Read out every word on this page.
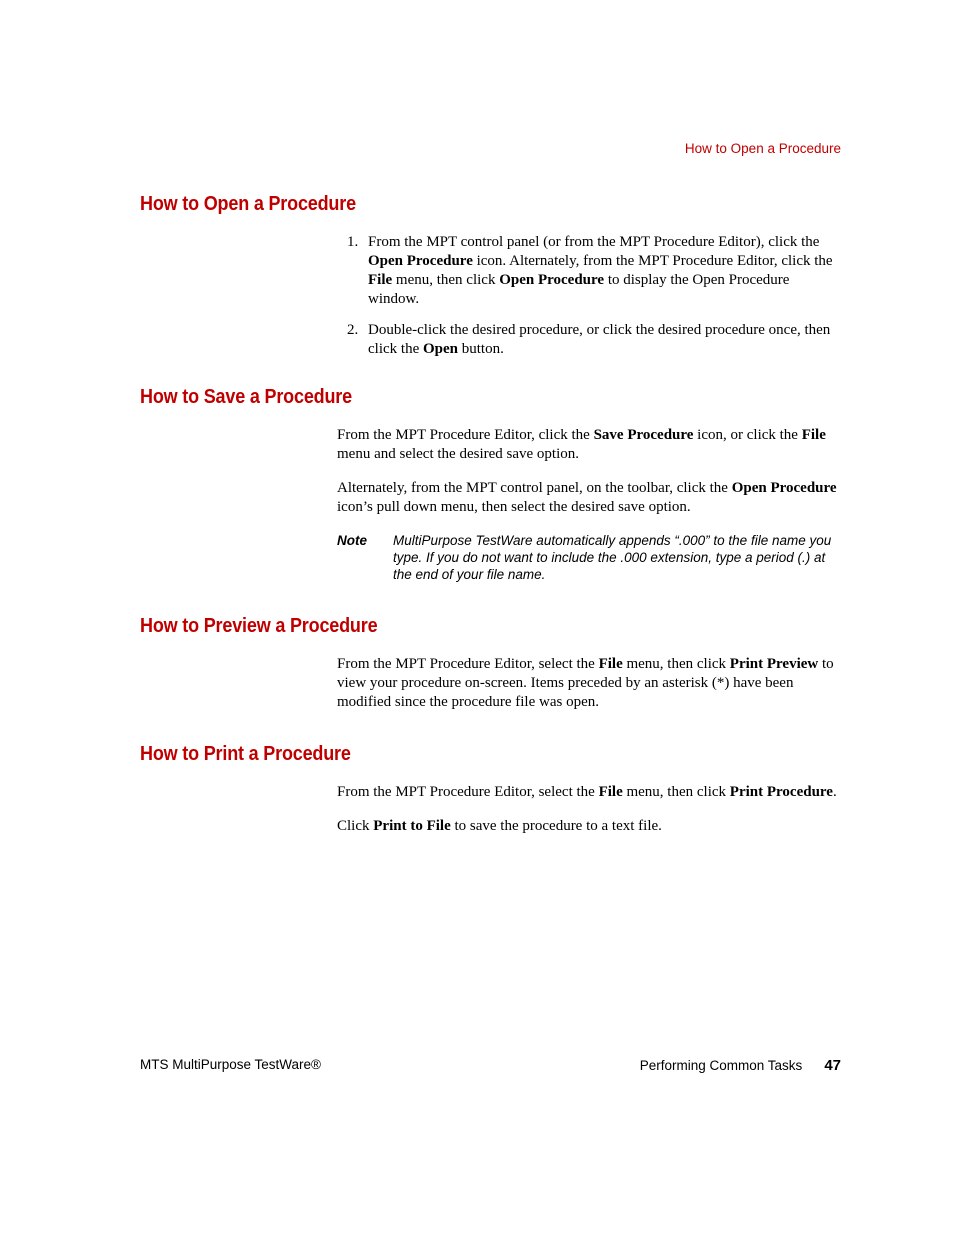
How to Open a Procedure
How to Open a Procedure
1. From the MPT control panel (or from the MPT Procedure Editor), click the Open Procedure icon. Alternately, from the MPT Procedure Editor, click the File menu, then click Open Procedure to display the Open Procedure window.
2. Double-click the desired procedure, or click the desired procedure once, then click the Open button.
How to Save a Procedure

From the MPT Procedure Editor, click the Save Procedure icon, or click the File menu and select the desired save option.

Alternately, from the MPT control panel, on the toolbar, click the Open Procedure icon’s pull down menu, then select the desired save option.

Note MultiPurpose TestWare automatically appends “.000” to the file name you type. If you do not want to include the .000 extension, type a period (.) at the end of your file name.
How to Preview a Procedure

From the MPT Procedure Editor, select the File menu, then click Print Preview to view your procedure on-screen. Items preceded by an asterisk (*) have been modified since the procedure file was open.

How to Print a Procedure

From the MPT Procedure Editor, select the File menu, then click Print Procedure.

Click Print to File to save the procedure to a text file.

MTS MultiPurpose TestWare®	Performing Common Tasks 47
